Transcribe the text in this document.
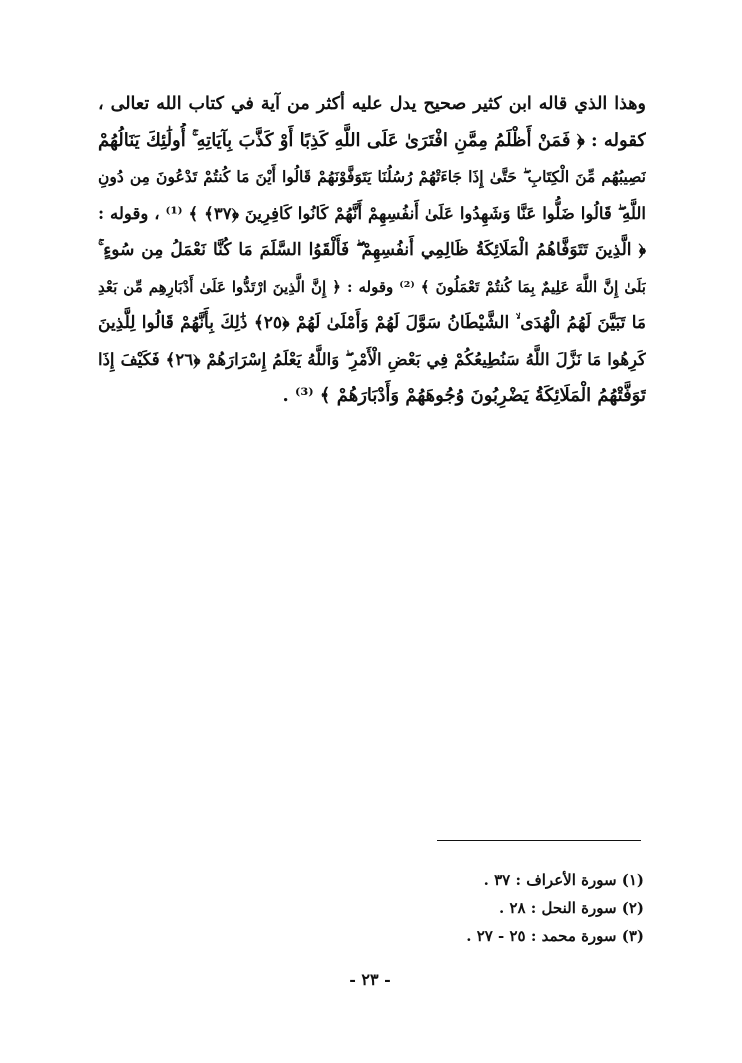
وهذا الذي قاله ابن كثير صحيح يدل عليه أكثر من آية في كتاب الله تعالى ،
كقوله : ﴿ فَمَنْ أَظْلَمُ مِمَّنِ افْتَرَىٰ عَلَى اللَّهِ كَذِبًا أَوْ كَذَّبَ بِآيَاتِهِ ۚ أُولَٰئِكَ يَنَالُهُمْ
نَصِيبُهُم مِّنَ الْكِتَابِ ۖ حَتَّىٰ إِذَا جَاءَتْهُمْ رُسُلُنَا يَتَوَفَّوْنَهُمْ قَالُوا أَيْنَ مَا كُنتُمْ تَدْعُونَ مِن دُونِ
اللَّهِ ۖ قَالُوا ضَلُّوا عَنَّا وَشَهِدُوا عَلَىٰ أَنفُسِهِمْ أَنَّهُمْ كَانُوا كَافِرِينَ ﴿٣٧﴾ ﴾ ⁽¹⁾ ، وقوله :
﴿ الَّذِينَ تَتَوَفَّاهُمُ الْمَلَائِكَةُ ظَالِمِي أَنفُسِهِمْ ۖ فَأَلْقَوُا السَّلَمَ مَا كُنَّا نَعْمَلُ مِن سُوءٍ ۚ
بَلَىٰ إِنَّ اللَّهَ عَلِيمٌ بِمَا كُنتُمْ تَعْمَلُونَ ﴾ ⁽²⁾ وقوله : ﴿ إِنَّ الَّذِينَ ارْتَدُّوا عَلَىٰ أَدْبَارِهِم مِّن بَعْدِ
مَا تَبَيَّنَ لَهُمُ الْهُدَى ۙ الشَّيْطَانُ سَوَّلَ لَهُمْ وَأَمْلَىٰ لَهُمْ ﴿٢٥﴾ ذَٰلِكَ بِأَنَّهُمْ قَالُوا لِلَّذِينَ
كَرِهُوا مَا نَزَّلَ اللَّهُ سَنُطِيعُكُمْ فِي بَعْضِ الْأَمْرِ ۖ وَاللَّهُ يَعْلَمُ إِسْرَارَهُمْ ﴿٢٦﴾ فَكَيْفَ إِذَا
تَوَفَّتْهُمُ الْمَلَائِكَةُ يَضْرِبُونَ وُجُوهَهُمْ وَأَدْبَارَهُمْ ﴾ ⁽³⁾ .
(١) سورة الأعراف : ٣٧ .
(٢) سورة النحل : ٢٨ .
(٣) سورة محمد : ٢٥ - ٢٧ .
- ٢٣ -
